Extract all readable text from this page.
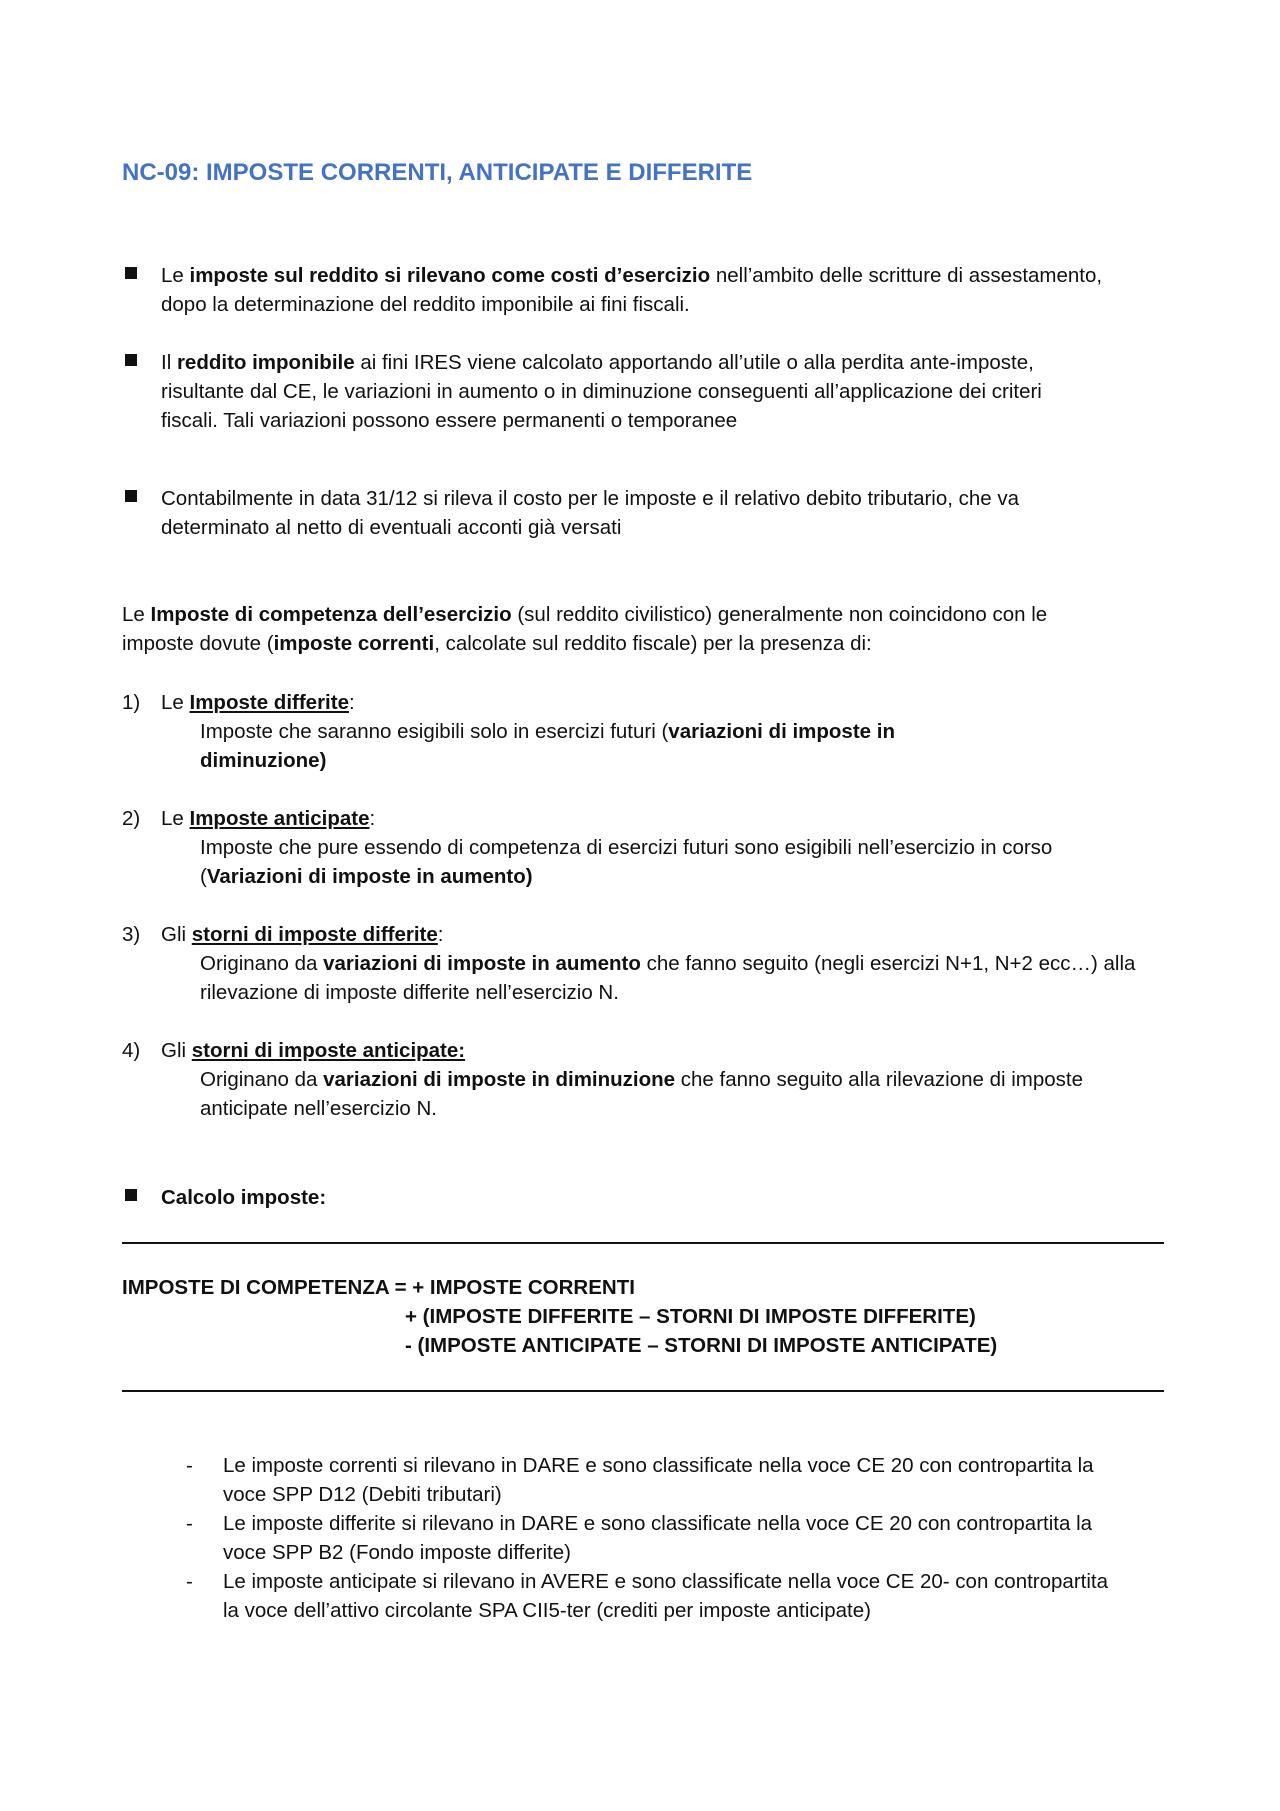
NC-09: IMPOSTE CORRENTI, ANTICIPATE E DIFFERITE
Le imposte sul reddito si rilevano come costi d’esercizio nell’ambito delle scritture di assestamento,
dopo la determinazione del reddito imponibile ai fini fiscali.
Il reddito imponibile ai fini IRES viene calcolato apportando all’utile o alla perdita ante-imposte,
risultante dal CE, le variazioni in aumento o in diminuzione conseguenti all’applicazione dei criteri
fiscali. Tali variazioni possono essere permanenti o temporanee
Contabilmente in data 31/12 si rileva il costo per le imposte e il relativo debito tributario, che va
determinato al netto di eventuali acconti già versati
Le Imposte di competenza dell’esercizio (sul reddito civilistico) generalmente non coincidono con le
imposte dovute (imposte correnti, calcolate sul reddito fiscale) per la presenza di:
1) Le Imposte differite:
Imposte che saranno esigibili solo in esercizi futuri (variazioni di imposte in
diminuzione)
2) Le Imposte anticipate:
Imposte che pure essendo di competenza di esercizi futuri sono esigibili nell’esercizio in corso
(Variazioni di imposte in aumento)
3) Gli storni di imposte differite:
Originano da variazioni di imposte in aumento che fanno seguito (negli esercizi N+1, N+2 ecc…) alla
rilevazione di imposte differite nell’esercizio N.
4) Gli storni di imposte anticipate:
Originano da variazioni di imposte in diminuzione che fanno seguito alla rilevazione di imposte
anticipate nell’esercizio N.
Calcolo imposte:
IMPOSTE DI COMPETENZA = + IMPOSTE CORRENTI
+ (IMPOSTE DIFFERITE – STORNI DI IMPOSTE DIFFERITE)
- (IMPOSTE ANTICIPATE – STORNI DI IMPOSTE ANTICIPATE)
- Le imposte correnti si rilevano in DARE e sono classificate nella voce CE 20 con contropartita la
voce SPP D12 (Debiti tributari)
- Le imposte differite si rilevano in DARE e sono classificate nella voce CE 20 con contropartita la
voce SPP B2 (Fondo imposte differite)
- Le imposte anticipate si rilevano in AVERE e sono classificate nella voce CE 20- con contropartita
la voce dell’attivo circolante SPA CII5-ter (crediti per imposte anticipate)
